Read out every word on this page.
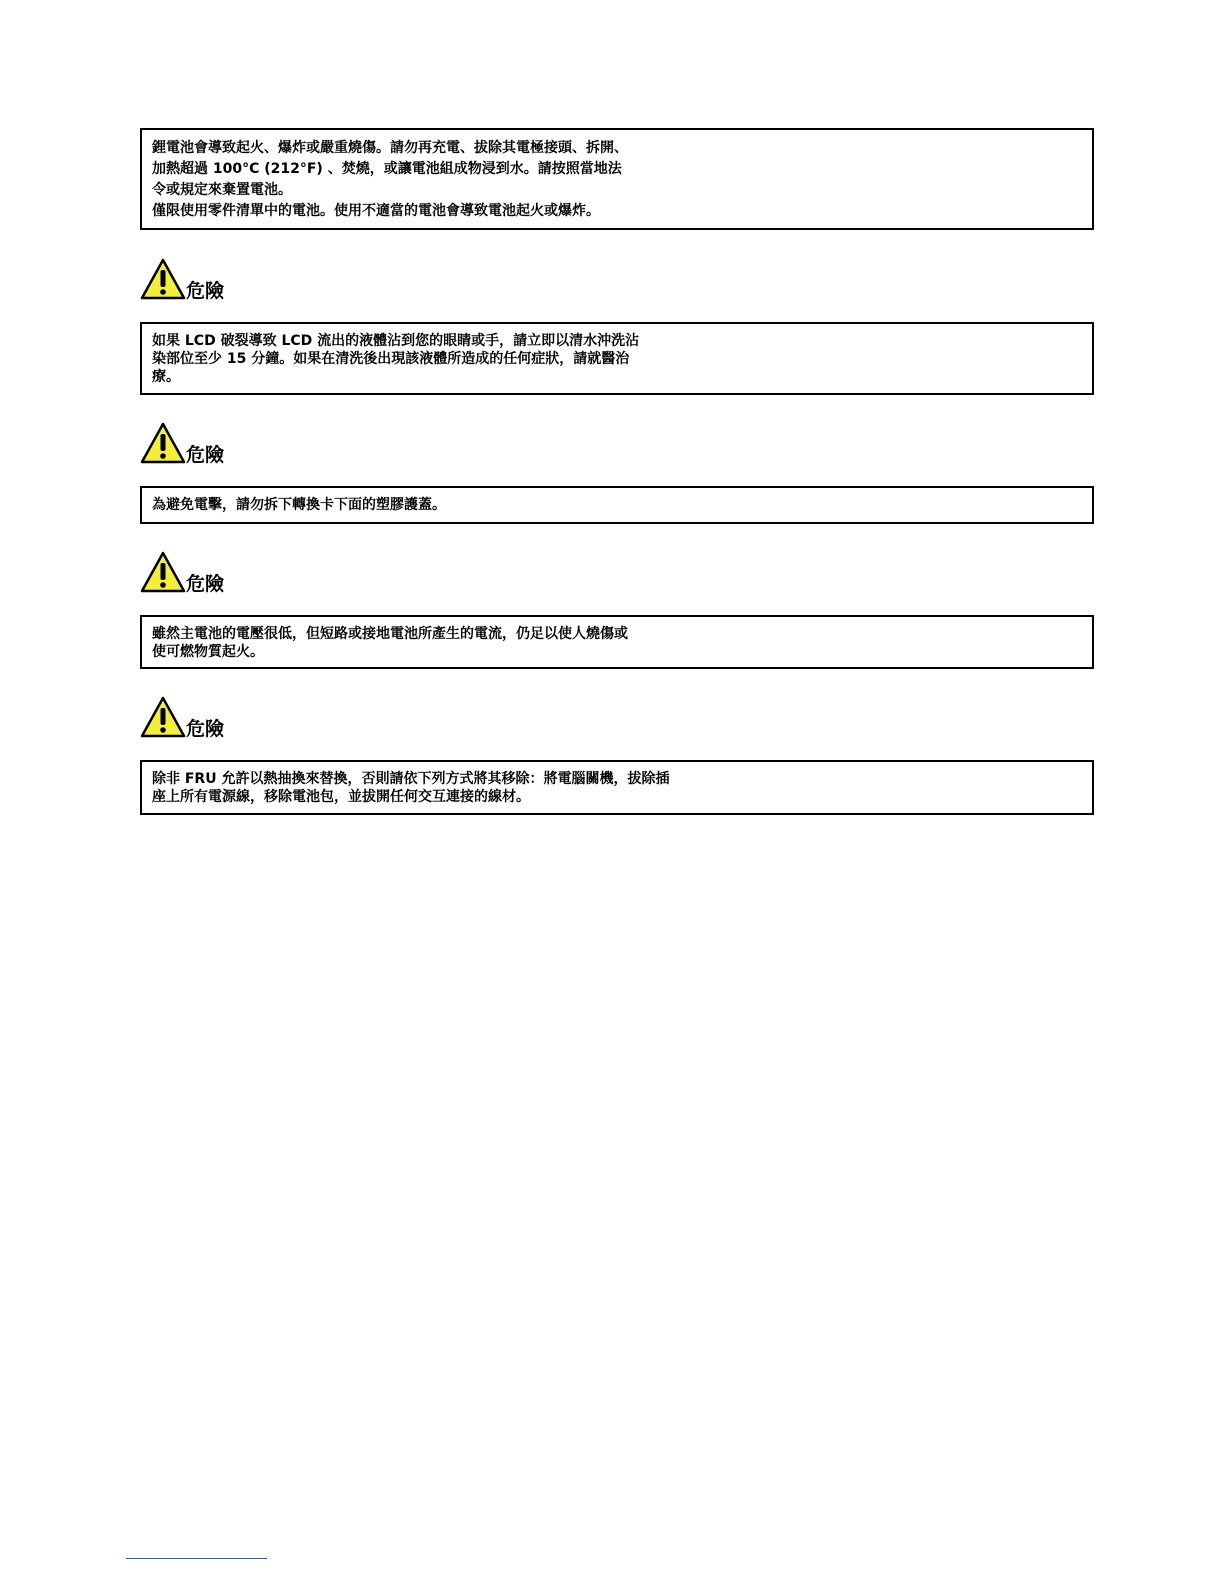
鋰電池會導致起火、爆炸或嚴重燒傷。請勿再充電、拔除其電極接頭、拆開、
加熱超過 100°C (212°F) 、焚燒，或讓電池組成物浸到水。請按照當地法
令或規定來棄置電池。
僅限使用零件清單中的電池。使用不適當的電池會導致電池起火或爆炸。
危險
如果 LCD 破裂導致 LCD 流出的液體沾到您的眼睛或手，請立即以清水沖洗沾
染部位至少 15 分鐘。如果在清洗後出現該液體所造成的任何症狀，請就醫治
療。
危險
為避免電擊，請勿拆下轉換卡下面的塑膠護蓋。
危險
雖然主電池的電壓很低，但短路或接地電池所產生的電流，仍足以使人燒傷或
使可燃物質起火。
危險
除非 FRU 允許以熱抽換來替換，否則請依下列方式將其移除：將電腦關機，拔除插
座上所有電源線，移除電池包，並拔開任何交互連接的線材。
